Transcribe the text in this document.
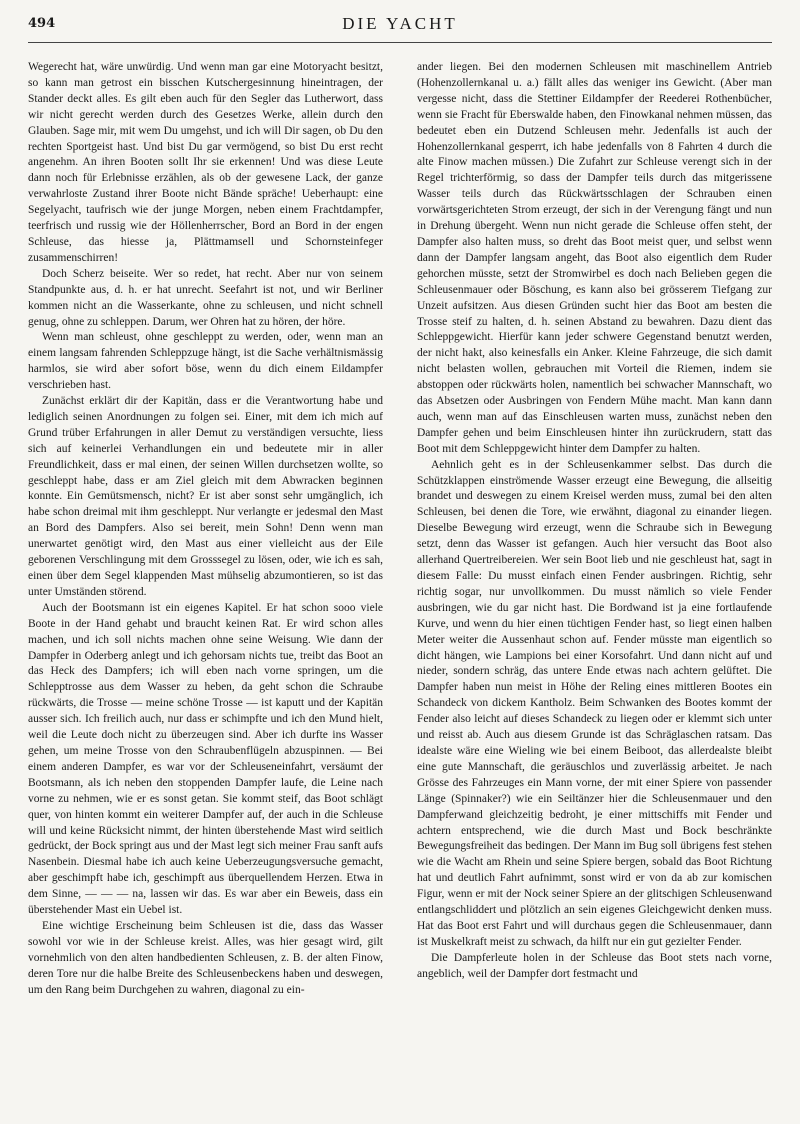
494	DIE YACHT

Wegerecht hat, wäre unwürdig. Und wenn man gar eine Motoryacht besitzt, so kann man getrost ein bisschen Kutschergesinnung hineintragen, der Stander deckt alles. Es gilt eben auch für den Segler das Lutherwort, dass wir nicht gerecht werden durch des Gesetzes Werke, allein durch den Glauben. Sage mir, mit wem Du umgehst, und ich will Dir sagen, ob Du den rechten Sportgeist hast. Und bist Du gar vermögend, so bist Du erst recht angenehm. An ihren Booten sollt Ihr sie erkennen! Und was diese Leute dann noch für Erlebnisse erzählen, als ob der gewesene Lack, der ganze verwahrloste Zustand ihrer Boote nicht Bände spräche! Ueberhaupt: eine Segelyacht, taufrisch wie der junge Morgen, neben einem Frachtdampfer, teerfrisch und russig wie der Höllenherrscher, Bord an Bord in der engen Schleuse, das hiesse ja, Plättmamsell und Schornsteinfeger zusammenschirren!

Doch Scherz beiseite. Wer so redet, hat recht. Aber nur von seinem Standpunkte aus, d. h. er hat unrecht. Seefahrt ist not, und wir Berliner kommen nicht an die Wasserkante, ohne zu schleusen, und nicht schnell genug, ohne zu schleppen. Darum, wer Ohren hat zu hören, der höre.

Wenn man schleust, ohne geschleppt zu werden, oder, wenn man an einem langsam fahrenden Schleppzuge hängt, ist die Sache verhältnismässig harmlos, sie wird aber sofort böse, wenn du dich einem Eildampfer verschrieben hast.

Zunächst erklärt dir der Kapitän, dass er die Verantwortung habe und lediglich seinen Anordnungen zu folgen sei. Einer, mit dem ich mich auf Grund trüber Erfahrungen in aller Demut zu verständigen versuchte, liess sich auf keinerlei Verhandlungen ein und bedeutete mir in aller Freundlichkeit, dass er mal einen, der seinen Willen durchsetzen wollte, so geschleppt habe, dass er am Ziel gleich mit dem Abwracken beginnen konnte. Ein Gemütsmensch, nicht? Er ist aber sonst sehr umgänglich, ich habe schon dreimal mit ihm geschleppt. Nur verlangte er jedesmal den Mast an Bord des Dampfers. Also sei bereit, mein Sohn! Denn wenn man unerwartet genötigt wird, den Mast aus einer vielleicht aus der Eile geborenen Verschlingung mit dem Grosssegel zu lösen, oder, wie ich es sah, einen über dem Segel klappenden Mast mühselig abzumontieren, so ist das unter Umständen störend.

Auch der Bootsmann ist ein eigenes Kapitel. Er hat schon sooo viele Boote in der Hand gehabt und braucht keinen Rat. Er wird schon alles machen, und ich soll nichts machen ohne seine Weisung. Wie dann der Dampfer in Oderberg anlegt und ich gehorsam nichts tue, treibt das Boot an das Heck des Dampfers; ich will eben nach vorne springen, um die Schlepptrosse aus dem Wasser zu heben, da geht schon die Schraube rückwärts, die Trosse — meine schöne Trosse — ist kaputt und der Kapitän ausser sich. Ich freilich auch, nur dass er schimpfte und ich den Mund hielt, weil die Leute doch nicht zu überzeugen sind. Aber ich durfte ins Wasser gehen, um meine Trosse von den Schraubenflügeln abzuspinnen. — Bei einem anderen Dampfer, es war vor der Schleuseneinfahrt, versäumt der Bootsmann, als ich neben den stoppenden Dampfer laufe, die Leine nach vorne zu nehmen, wie er es sonst getan. Sie kommt steif, das Boot schlägt quer, von hinten kommt ein weiterer Dampfer auf, der auch in die Schleuse will und keine Rücksicht nimmt, der hinten überstehende Mast wird seitlich gedrückt, der Bock springt aus und der Mast legt sich meiner Frau sanft aufs Nasenbein. Diesmal habe ich auch keine Ueberzeugungsversuche gemacht, aber geschimpft habe ich, geschimpft aus überquellendem Herzen. Etwa in dem Sinne, — — — na, lassen wir das. Es war aber ein Beweis, dass ein überstehender Mast ein Uebel ist.

Eine wichtige Erscheinung beim Schleusen ist die, dass das Wasser sowohl vor wie in der Schleuse kreist. Alles, was hier gesagt wird, gilt vornehmlich von den alten handbedienten Schleusen, z. B. der alten Finow, deren Tore nur die halbe Breite des Schleusenbeckens haben und deswegen, um den Rang beim Durchgehen zu wahren, diagonal zu ein-

ander liegen. Bei den modernen Schleusen mit maschinellem Antrieb (Hohenzollernkanal u. a.) fällt alles das weniger ins Gewicht. (Aber man vergesse nicht, dass die Stettiner Eildampfer der Reederei Rothenbücher, wenn sie Fracht für Eberswalde haben, den Finowkanal nehmen müssen, das bedeutet eben ein Dutzend Schleusen mehr. Jedenfalls ist auch der Hohenzollernkanal gesperrt, ich habe jedenfalls von 8 Fahrten 4 durch die alte Finow machen müssen.) Die Zufahrt zur Schleuse verengt sich in der Regel trichterförmig, so dass der Dampfer teils durch das mitgerissene Wasser teils durch das Rückwärtsschlagen der Schrauben einen vorwärtsgerichteten Strom erzeugt, der sich in der Verengung fängt und nun in Drehung übergeht. Wenn nun nicht gerade die Schleuse offen steht, der Dampfer also halten muss, so dreht das Boot meist quer, und selbst wenn dann der Dampfer langsam angeht, das Boot also eigentlich dem Ruder gehorchen müsste, setzt der Stromwirbel es doch nach Belieben gegen die Schleusenmauer oder Böschung, es kann also bei grösserem Tiefgang zur Unzeit aufsitzen. Aus diesen Gründen sucht hier das Boot am besten die Trosse steif zu halten, d. h. seinen Abstand zu bewahren. Dazu dient das Schleppgewicht. Hierfür kann jeder schwere Gegenstand benutzt werden, der nicht hakt, also keinesfalls ein Anker. Kleine Fahrzeuge, die sich damit nicht belasten wollen, gebrauchen mit Vorteil die Riemen, indem sie abstoppen oder rückwärts holen, namentlich bei schwacher Mannschaft, wo das Absetzen oder Ausbringen von Fendern Mühe macht. Man kann dann auch, wenn man auf das Einschleusen warten muss, zunächst neben den Dampfer gehen und beim Einschleusen hinter ihn zurückrudern, statt das Boot mit dem Schleppgewicht hinter dem Dampfer zu halten.

Aehnlich geht es in der Schleusenkammer selbst. Das durch die Schützklappen einströmende Wasser erzeugt eine Bewegung, die allseitig brandet und deswegen zu einem Kreisel werden muss, zumal bei den alten Schleusen, bei denen die Tore, wie erwähnt, diagonal zu einander liegen. Dieselbe Bewegung wird erzeugt, wenn die Schraube sich in Bewegung setzt, denn das Wasser ist gefangen. Auch hier versucht das Boot also allerhand Quertreibereien. Wer sein Boot lieb und nie geschleust hat, sagt in diesem Falle: Du musst einfach einen Fender ausbringen. Richtig, sehr richtig sogar, nur unvollkommen. Du musst nämlich so viele Fender ausbringen, wie du gar nicht hast. Die Bordwand ist ja eine fortlaufende Kurve, und wenn du hier einen tüchtigen Fender hast, so liegt einen halben Meter weiter die Aussenhaut schon auf. Fender müsste man eigentlich so dicht hängen, wie Lampions bei einer Korsofahrt. Und dann nicht auf und nieder, sondern schräg, das untere Ende etwas nach achtern gelüftet. Die Dampfer haben nun meist in Höhe der Reling eines mittleren Bootes ein Schandeck von dickem Kantholz. Beim Schwanken des Bootes kommt der Fender also leicht auf dieses Schandeck zu liegen oder er klemmt sich unter und reisst ab. Auch aus diesem Grunde ist das Schräglaschen ratsam. Das idealste wäre eine Wieling wie bei einem Beiboot, das allerdealste bleibt eine gute Mannschaft, die geräuschlos und zuverlässig arbeitet. Je nach Grösse des Fahrzeuges ein Mann vorne, der mit einer Spiere von passender Länge (Spinnaker?) wie ein Seiltänzer hier die Schleusenmauer und den Dampferwand gleichzeitig bedroht, je einer mittschiffs mit Fender und achtern entsprechend, wie die durch Mast und Bock beschränkte Bewegungsfreiheit das bedingen. Der Mann im Bug soll übrigens fest stehen wie die Wacht am Rhein und seine Spiere bergen, sobald das Boot Richtung hat und deutlich Fahrt aufnimmt, sonst wird er von da ab zur komischen Figur, wenn er mit der Nock seiner Spiere an der glitschigen Schleusenwand entlangschliddert und plötzlich an sein eigenes Gleichgewicht denken muss. Hat das Boot erst Fahrt und will durchaus gegen die Schleusenmauer, dann ist Muskelkraft meist zu schwach, da hilft nur ein gut gezielter Fender.

Die Dampferleute holen in der Schleuse das Boot stets nach vorne, angeblich, weil der Dampfer dort festmacht und
